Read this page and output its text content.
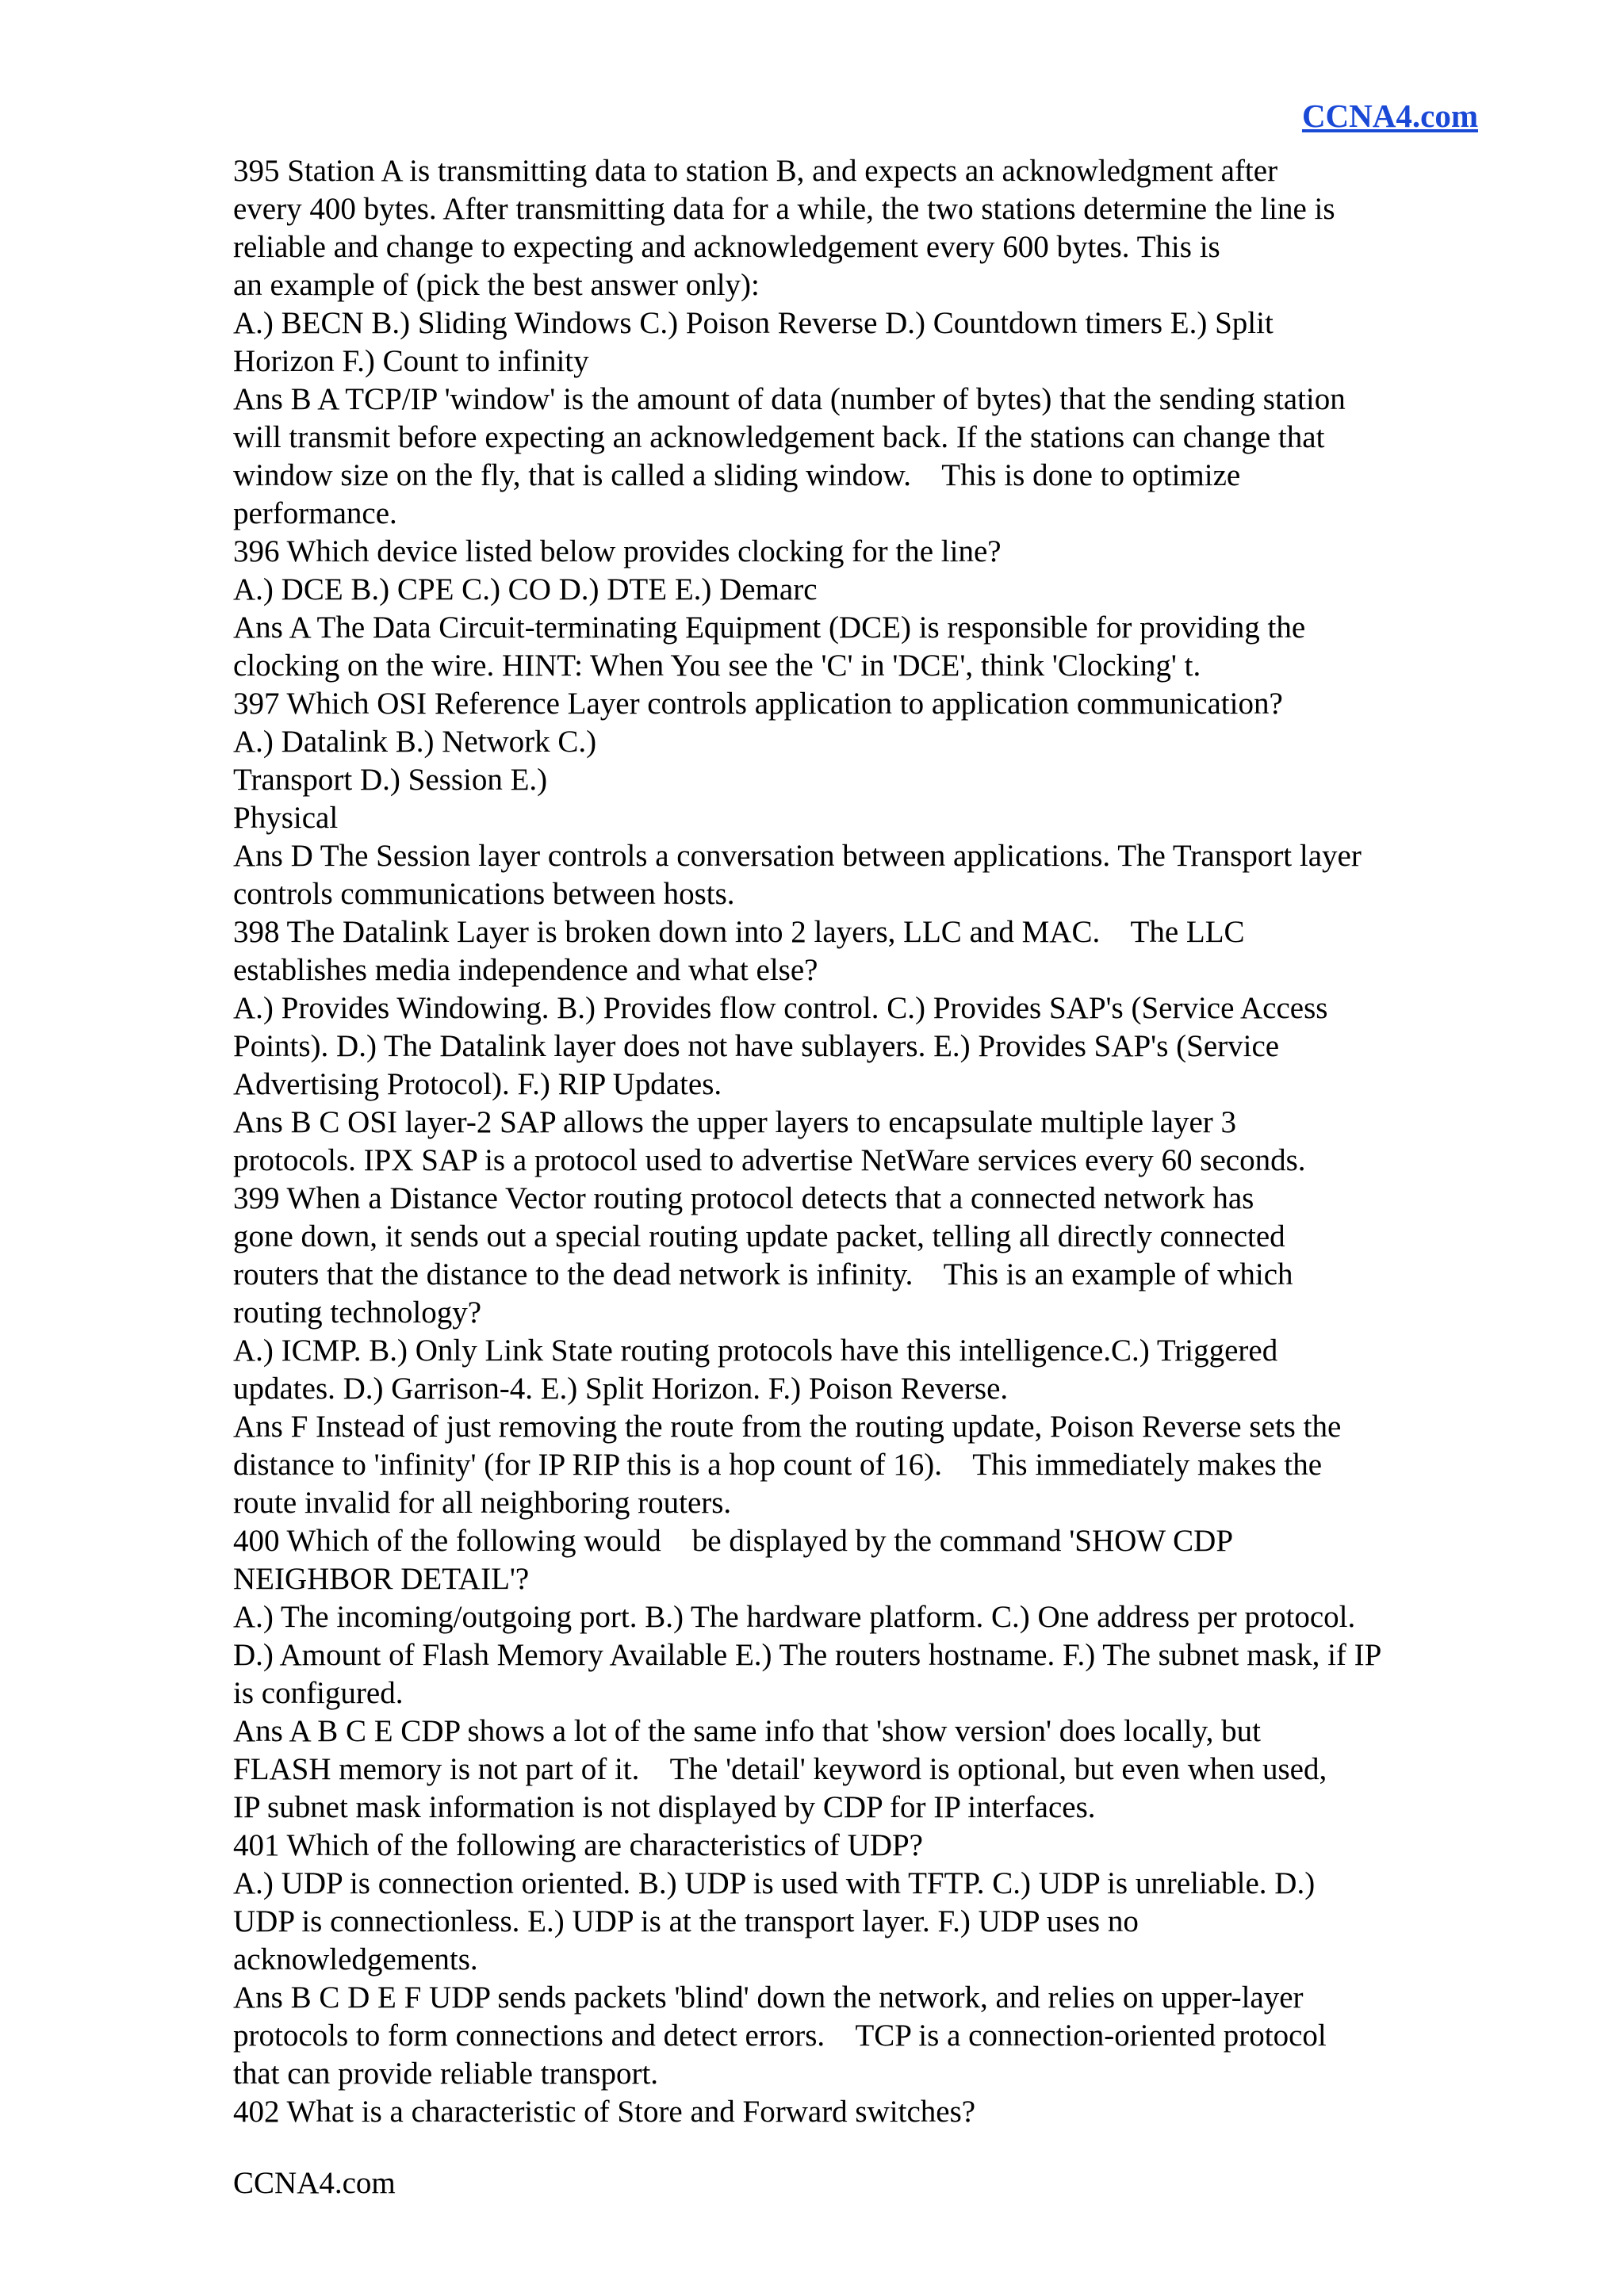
CCNA4.com
395 Station A is transmitting data to station B, and expects an acknowledgment after
every 400 bytes. After transmitting data for a while, the two stations determine the line is
reliable and change to expecting and acknowledgement every 600 bytes. This is
an example of (pick the best answer only):
A.) BECN B.) Sliding Windows C.) Poison Reverse D.) Countdown timers E.) Split
Horizon F.) Count to infinity
Ans B A TCP/IP 'window' is the amount of data (number of bytes) that the sending station
will transmit before expecting an acknowledgement back. If the stations can change that
window size on the fly, that is called a sliding window.    This is done to optimize
performance.
396 Which device listed below provides clocking for the line?
A.) DCE B.) CPE C.) CO D.) DTE E.) Demarc
Ans A The Data Circuit-terminating Equipment (DCE) is responsible for providing the
clocking on the wire. HINT: When You see the 'C' in 'DCE', think 'Clocking' t.
397 Which OSI Reference Layer controls application to application communication?
A.) Datalink B.) Network C.)
Transport D.) Session E.)
Physical
Ans D The Session layer controls a conversation between applications. The Transport layer
controls communications between hosts.
398 The Datalink Layer is broken down into 2 layers, LLC and MAC.    The LLC
establishes media independence and what else?
A.) Provides Windowing. B.) Provides flow control. C.) Provides SAP's (Service Access
Points). D.) The Datalink layer does not have sublayers. E.) Provides SAP's (Service
Advertising Protocol). F.) RIP Updates.
Ans B C OSI layer-2 SAP allows the upper layers to encapsulate multiple layer 3
protocols. IPX SAP is a protocol used to advertise NetWare services every 60 seconds.
399 When a Distance Vector routing protocol detects that a connected network has
gone down, it sends out a special routing update packet, telling all directly connected
routers that the distance to the dead network is infinity.    This is an example of which
routing technology?
A.) ICMP. B.) Only Link State routing protocols have this intelligence.C.) Triggered
updates. D.) Garrison-4. E.) Split Horizon. F.) Poison Reverse.
Ans F Instead of just removing the route from the routing update, Poison Reverse sets the
distance to 'infinity' (for IP RIP this is a hop count of 16).    This immediately makes the
route invalid for all neighboring routers.
400 Which of the following would    be displayed by the command 'SHOW CDP
NEIGHBOR DETAIL'?
A.) The incoming/outgoing port. B.) The hardware platform. C.) One address per protocol.
D.) Amount of Flash Memory Available E.) The routers hostname. F.) The subnet mask, if IP
is configured.
Ans A B C E CDP shows a lot of the same info that 'show version' does locally, but
FLASH memory is not part of it.    The 'detail' keyword is optional, but even when used,
IP subnet mask information is not displayed by CDP for IP interfaces.
401 Which of the following are characteristics of UDP?
A.) UDP is connection oriented. B.) UDP is used with TFTP. C.) UDP is unreliable. D.)
UDP is connectionless. E.) UDP is at the transport layer. F.) UDP uses no
acknowledgements.
Ans B C D E F UDP sends packets 'blind' down the network, and relies on upper-layer
protocols to form connections and detect errors.    TCP is a connection-oriented protocol
that can provide reliable transport.
402 What is a characteristic of Store and Forward switches?
CCNA4.com
